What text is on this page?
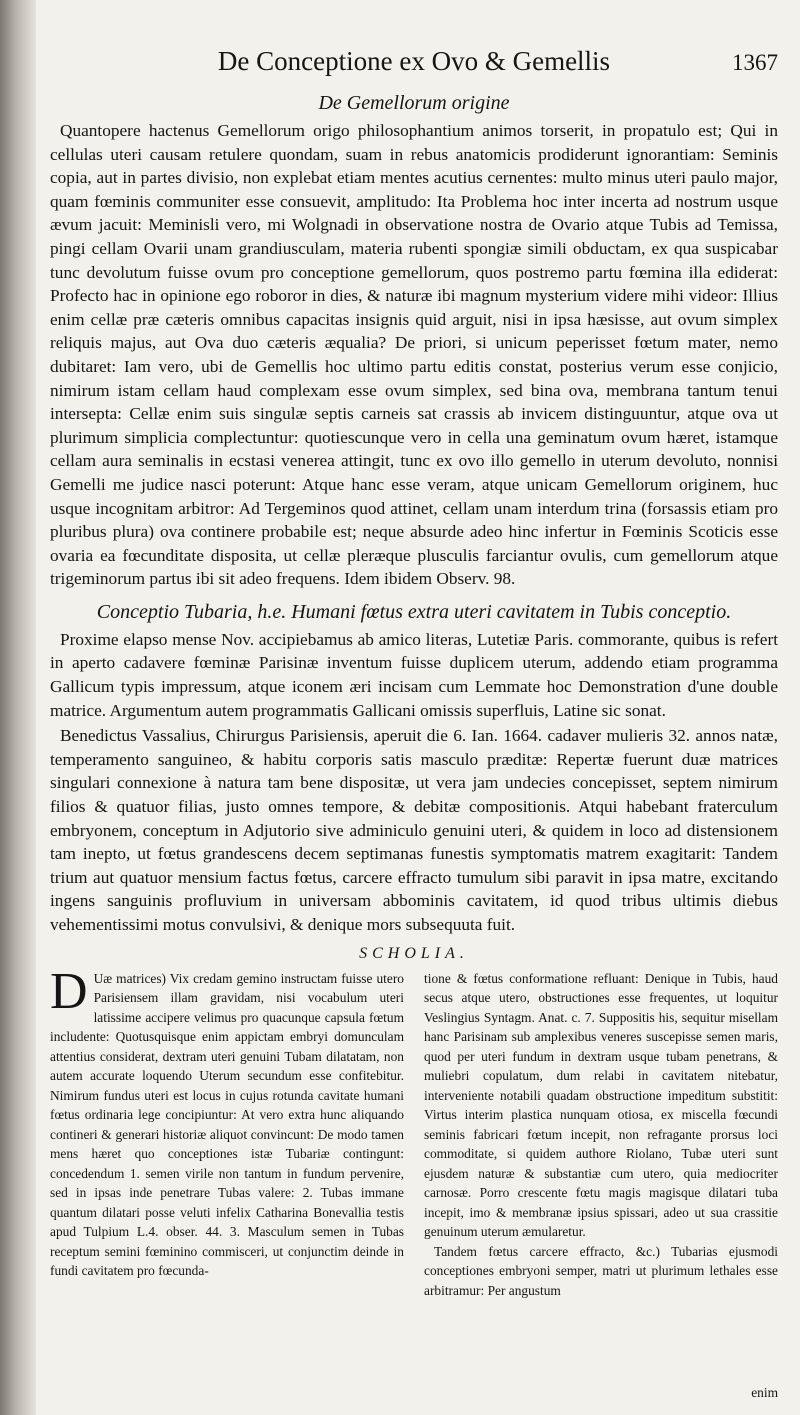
De Conceptione ex Ovo & Gemellis	1367
De Gemellorum origine

Quantopere hactenus Gemellorum origo philosophantium animos torserit, in propatulo est; Qui in cellulas uteri causam retulere quondam, suam in rebus anatomicis prodiderunt ignorantiam: Seminis copia, aut in partes divisio, non explebat etiam mentes acutius cernentes: multo minus uteri paulo major, quam fœminis communiter esse consuevit, amplitudo: Ita Problema hoc inter incerta ad nostrum usque ævum jacuit: Meminisli vero, mi Wolgnadi in observatione nostra de Ovario atque Tubis ad Temissa, pingi cellam Ovarii unam grandiusculam, materia rubenti spongiæ simili obductam, ex qua suspicabar tunc devolutum fuisse ovum pro conceptione gemellorum, quos postremo partu fœmina illa ediderat: Profecto hac in opinione ego roboror in dies, & naturæ ibi magnum mysterium videre mihi videor: Illius enim cellæ præ cæteris omnibus capacitas insignis quid arguit, nisi in ipsa hæsisse, aut ovum simplex reliquis majus, aut Ova duo cæteris æqualia? De priori, si unicum peperisset fœtum mater, nemo dubitaret: Iam vero, ubi de Gemellis hoc ultimo partu editis constat, posterius verum esse conjicio, nimirum istam cellam haud complexam esse ovum simplex, sed bina ova, membrana tantum tenui intersepta: Cellæ enim suis singulæ septis carneis sat crassis ab invicem distinguuntur, atque ova ut plurimum simplicia complectuntur: quotiescunque vero in cella una geminatum ovum hæret, istamque cellam aura seminalis in ecstasi venerea attingit, tunc ex ovo illo gemello in uterum devoluto, nonnisi Gemelli me judice nasci poterunt: Atque hanc esse veram, atque unicam Gemellorum originem, huc usque incognitam arbitror: Ad Tergeminos quod attinet, cellam unam interdum trina (forsassis etiam pro pluribus plura) ova continere probabile est; neque absurde adeo hinc infertur in Fœminis Scoticis esse ovaria ea fœcunditate disposita, ut cellæ pleræque plusculis farciantur ovulis, cum gemellorum atque trigeminorum partus ibi sit adeo frequens. Idem ibidem Observ. 98.

Conceptio Tubaria, h.e. Humani fœtus extra uteri cavitatem in Tubis conceptio.

Proxime elapso mense Nov. accipiebamus ab amico literas, Lutetiæ Paris. commorante, quibus is refert in aperto cadavere fœminæ Parisinæ inventum fuisse duplicem uterum, addendo etiam programma Gallicum typis impressum, atque iconem æri incisam cum Lemmate hoc Demonstration d'une double matrice. Argumentum autem programmatis Gallicani omissis superfluis, Latine sic sonat.

Benedictus Vassalius, Chirurgus Parisiensis, aperuit die 6. Ian. 1664. cadaver mulieris 32. annos natæ, temperamento sanguineo, & habitu corporis satis masculo præditæ: Repertæ fuerunt duæ matrices singulari connexione à natura tam bene dispositæ, ut vera jam undecies concepisset, septem nimirum filios & quatuor filias, justo omnes tempore, & debitæ compositionis. Atqui habebant fraterculum embryonem, conceptum in Adjutorio sive adminiculo genuini uteri, & quidem in loco ad distensionem tam inepto, ut fœtus grandescens decem septimanas funestis symptomatis matrem exagitarit: Tandem trium aut quatuor mensium factus fœtus, carcere effracto tumulum sibi paravit in ipsa matre, excitando ingens sanguinis profluvium in universam abbominis cavitatem, id quod tribus ultimis diebus vehementissimi motus convulsivi, & denique mors subsequuta fuit.

SCHOLIA.

D Uæ matrices) Vix credam gemino instructam fuisse utero Parisiensem illam gravidam, nisi vocabulum uteri latissime accipere velimus pro quacunque capsula fœtum includente: Quotusquisque enim appictam embryi domunculam attentius considerat, dextram uteri genuini Tubam dilatatam, non autem accurate loquendo Uterum secundum esse confitebitur. Nimirum fundus uteri est locus in cujus rotunda cavitate humani fœtus ordinaria lege concipiuntur: At vero extra hunc aliquando contineri & generari historiæ aliquot convincunt: De modo tamen mens hæret quo conceptiones istæ Tubariæ contingunt: concedendum 1. semen virile non tantum in fundum pervenire, sed in ipsas inde penetrare Tubas valere: 2. Tubas immane quantum dilatari posse veluti infelix Catharina Bonevallia testis apud Tulpium L.4. obser. 44. 3. Masculum semen in Tubas receptum semini fœminino commisceri, ut conjunctim deinde in fundi cavitatem pro fœcunda-

tione & fœtus conformatione refluant: Denique in Tubis, haud secus atque utero, obstructiones esse frequentes, ut loquitur Veslingius Syntagm. Anat. c. 7. Suppositis his, sequitur misellam hanc Parisinam sub amplexibus veneres suscepisse semen maris, quod per uteri fundum in dextram usque tubam penetrans, & muliebri copulatum, dum relabi in cavitatem nitebatur, interveniente notabili quadam obstructione impeditum substitit: Virtus interim plastica nunquam otiosa, ex miscella fœcundi seminis fabricari fœtum incepit, non refragante prorsus loci commoditate, si quidem authore Riolano, Tubæ uteri sunt ejusdem naturæ & substantiæ cum utero, quia mediocriter carnosæ. Porro crescente fœtu magis magisque dilatari tuba incepit, imo & membranæ ipsius spissari, adeo ut sua crassitie genuinum uterum æmularetur.

Tandem fœtus carcere effracto, &c.) Tubarias ejusmodi conceptiones embryoni semper, matri ut plurimum lethales esse arbitramur: Per angustum

enim
